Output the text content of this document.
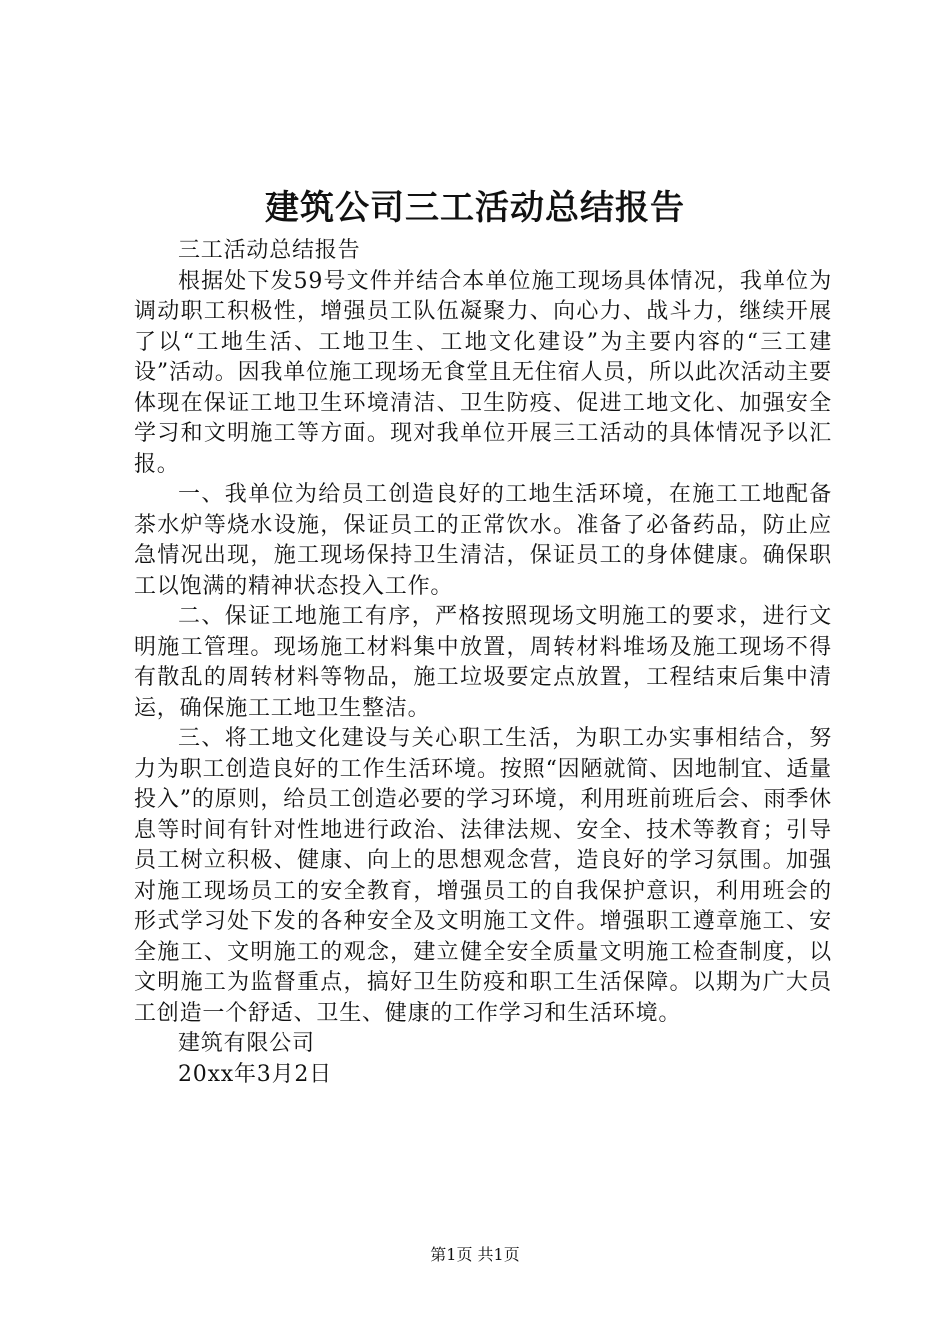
建筑公司三工活动总结报告

三工活动总结报告

根据处下发59号文件并结合本单位施工现场具体情况，我单位为调动职工积极性，增强员工队伍凝聚力、向心力、战斗力，继续开展了以“工地生活、工地卫生、工地文化建设”为主要内容的“三工建设”活动。因我单位施工现场无食堂且无住宿人员，所以此次活动主要体现在保证工地卫生环境清洁、卫生防疫、促进工地文化、加强安全学习和文明施工等方面。现对我单位开展三工活动的具体情况予以汇报。

一、我单位为给员工创造良好的工地生活环境，在施工工地配备茶水炉等烧水设施，保证员工的正常饮水。准备了必备药品，防止应急情况出现，施工现场保持卫生清洁，保证员工的身体健康。确保职工以饱满的精神状态投入工作。

二、保证工地施工有序，严格按照现场文明施工的要求，进行文明施工管理。现场施工材料集中放置，周转材料堆场及施工现场不得有散乱的周转材料等物品，施工垃圾要定点放置，工程结束后集中清运，确保施工工地卫生整洁。

三、将工地文化建设与关心职工生活，为职工办实事相结合，努力为职工创造良好的工作生活环境。按照“因陋就简、因地制宜、适量投入”的原则，给员工创造必要的学习环境，利用班前班后会、雨季休息等时间有针对性地进行政治、法律法规、安全、技术等教育；引导员工树立积极、健康、向上的思想观念营，造良好的学习氛围。加强对施工现场员工的安全教育，增强员工的自我保护意识，利用班会的形式学习处下发的各种安全及文明施工文件。增强职工遵章施工、安全施工、文明施工的观念，建立健全安全质量文明施工检查制度，以文明施工为监督重点，搞好卫生防疫和职工生活保障。以期为广大员工创造一个舒适、卫生、健康的工作学习和生活环境。

建筑有限公司

20xx年3月2日

第1页 共1页
